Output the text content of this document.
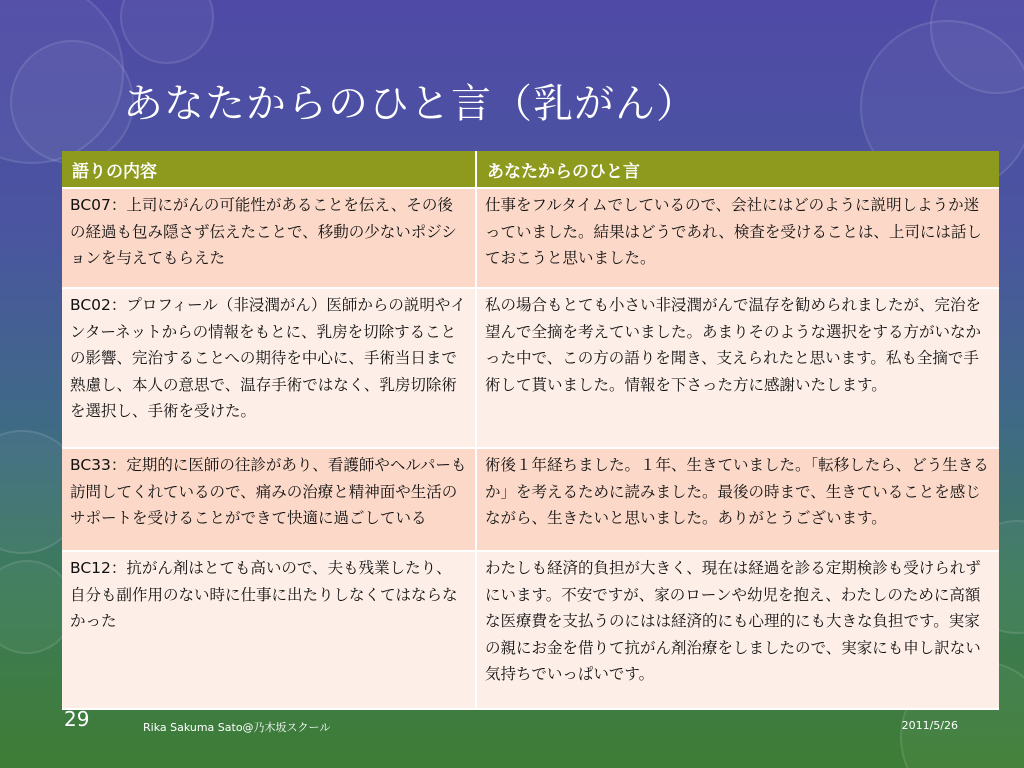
あなたからのひと言（乳がん）
語りの内容	あなたからのひと言
BC07：上司にがんの可能性があることを伝え、その後の経過も包み隠さず伝えたことで、移動の少ないポジションを与えてもらえた	仕事をフルタイムでしているので、会社にはどのように説明しようか迷っていました。結果はどうであれ、検査を受けることは、上司には話しておこうと思いました。
BC02：プロフィール（非浸潤がん）医師からの説明やインターネットからの情報をもとに、乳房を切除することの影響、完治することへの期待を中心に、手術当日まで熟慮し、本人の意思で、温存手術ではなく、乳房切除術を選択し、手術を受けた。	私の場合もとても小さい非浸潤がんで温存を勧められましたが、完治を望んで全摘を考えていました。あまりそのような選択をする方がいなかった中で、この方の語りを聞き、支えられたと思います。私も全摘で手術して貰いました。情報を下さった方に感謝いたします。
BC33：定期的に医師の往診があり、看護師やヘルパーも訪問してくれているので、痛みの治療と精神面や生活のサポートを受けることができて快適に過ごしている	術後１年経ちました。１年、生きていました。「転移したら、どう生きるか」を考えるために読みました。最後の時まで、生きていることを感じながら、生きたいと思いました。ありがとうございます。
BC12：抗がん剤はとても高いので、夫も残業したり、自分も副作用のない時に仕事に出たりしなくてはならなかった	わたしも経済的負担が大きく、現在は経過を診る定期検診も受けられずにいます。不安ですが、家のローンや幼児を抱え、わたしのために高額な医療費を支払うのにはは経済的にも心理的にも大きな負担です。実家の親にお金を借りて抗がん剤治療をしましたので、実家にも申し訳ない気持ちでいっぱいです。
29	Rika Sakuma Sato@乃木坂スクール	2011/5/26
